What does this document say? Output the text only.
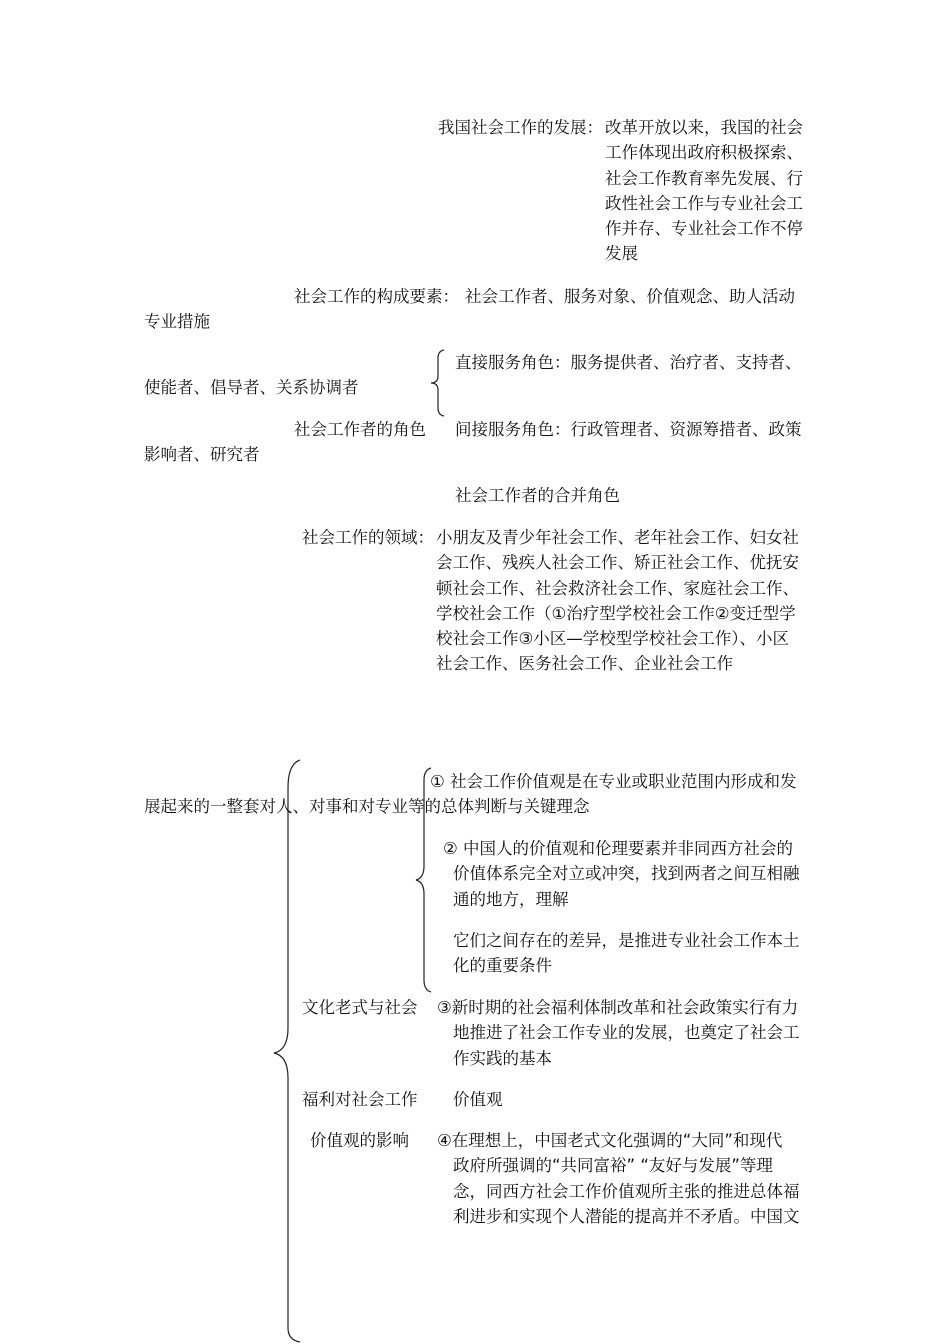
我国社会工作的发展： 改革开放以来，我国的社会
工作体现出政府积极探索、
社会工作教育率先发展、行
政性社会工作与专业社会工
作并存、专业社会工作不停
发展
社会工作的构成要素： 社会工作者、服务对象、价值观念、助人活动
专业措施
直接服务角色：服务提供者、治疗者、支持者、
使能者、倡导者、关系协调者
社会工作者的角色 间接服务角色：行政管理者、资源筹措者、政策
影响者、研究者
社会工作者的合并角色
社会工作的领域： 小朋友及青少年社会工作、老年社会工作、妇女社
会工作、残疾人社会工作、矫正社会工作、优抚安
顿社会工作、社会救济社会工作、家庭社会工作、
学校社会工作（①治疗型学校社会工作②变迁型学
校社会工作③小区—学校型学校社会工作）、小区
社会工作、医务社会工作、企业社会工作
① 社会工作价值观是在专业或职业范围内形成和发
展起来的一整套对人、对事和对专业等的总体判断与关键理念
② 中国人的价值观和伦理要素并非同西方社会的
价值体系完全对立或冲突，找到两者之间互相融
通的地方，理解
它们之间存在的差异，是推进专业社会工作本土
化的重要条件
文化老式与社会 ③新时期的社会福利体制改革和社会政策实行有力
地推进了社会工作专业的发展，也奠定了社会工
作实践的基本
福利对社会工作 价值观
价值观的影响 ④在理想上，中国老式文化强调的“大同”和现代
政府所强调的“共同富裕” “友好与发展”等理
念，同西方社会工作价值观所主张的推进总体福
利进步和实现个人潜能的提高并不矛盾。中国文
